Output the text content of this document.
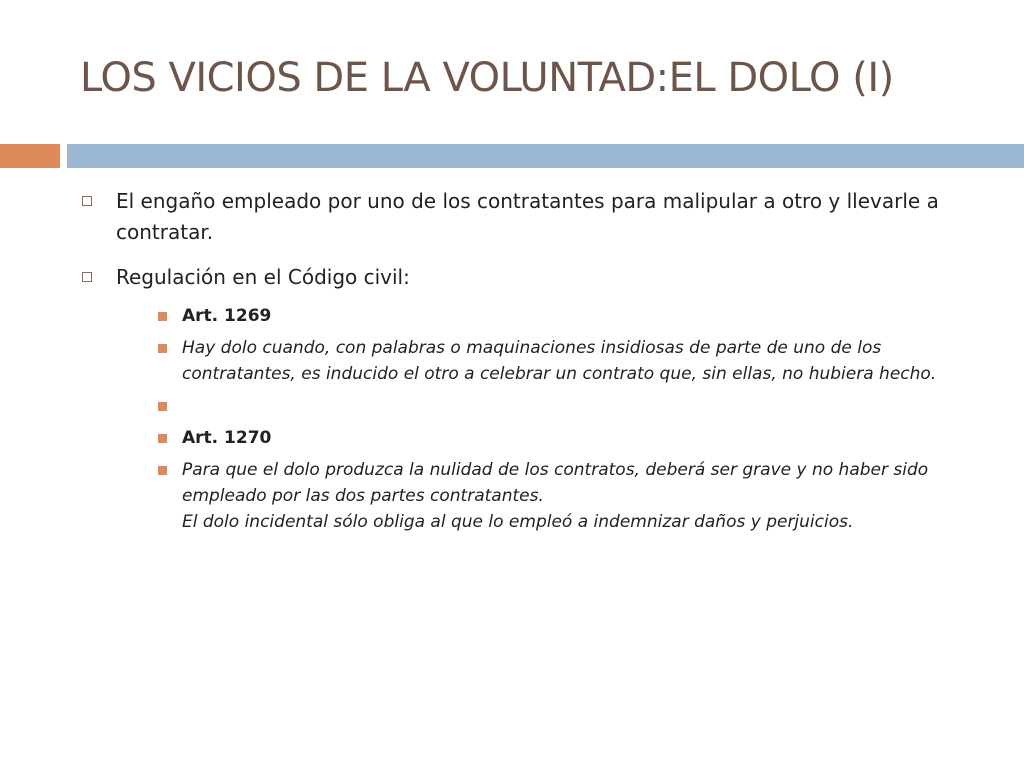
LOS VICIOS DE LA VOLUNTAD:EL DOLO (I)
El engaño empleado por uno de los contratantes para malipular a otro y llevarle a contratar.
Regulación en el Código civil:
Art. 1269
Hay dolo cuando, con palabras o maquinaciones insidiosas de parte de uno de los contratantes, es inducido el otro a celebrar un contrato que, sin ellas, no hubiera hecho.
Art. 1270
Para que el dolo produzca la nulidad de los contratos, deberá ser grave y no haber sido empleado por las dos partes contratantes.
El dolo incidental sólo obliga al que lo empleó a indemnizar daños y perjuicios.
